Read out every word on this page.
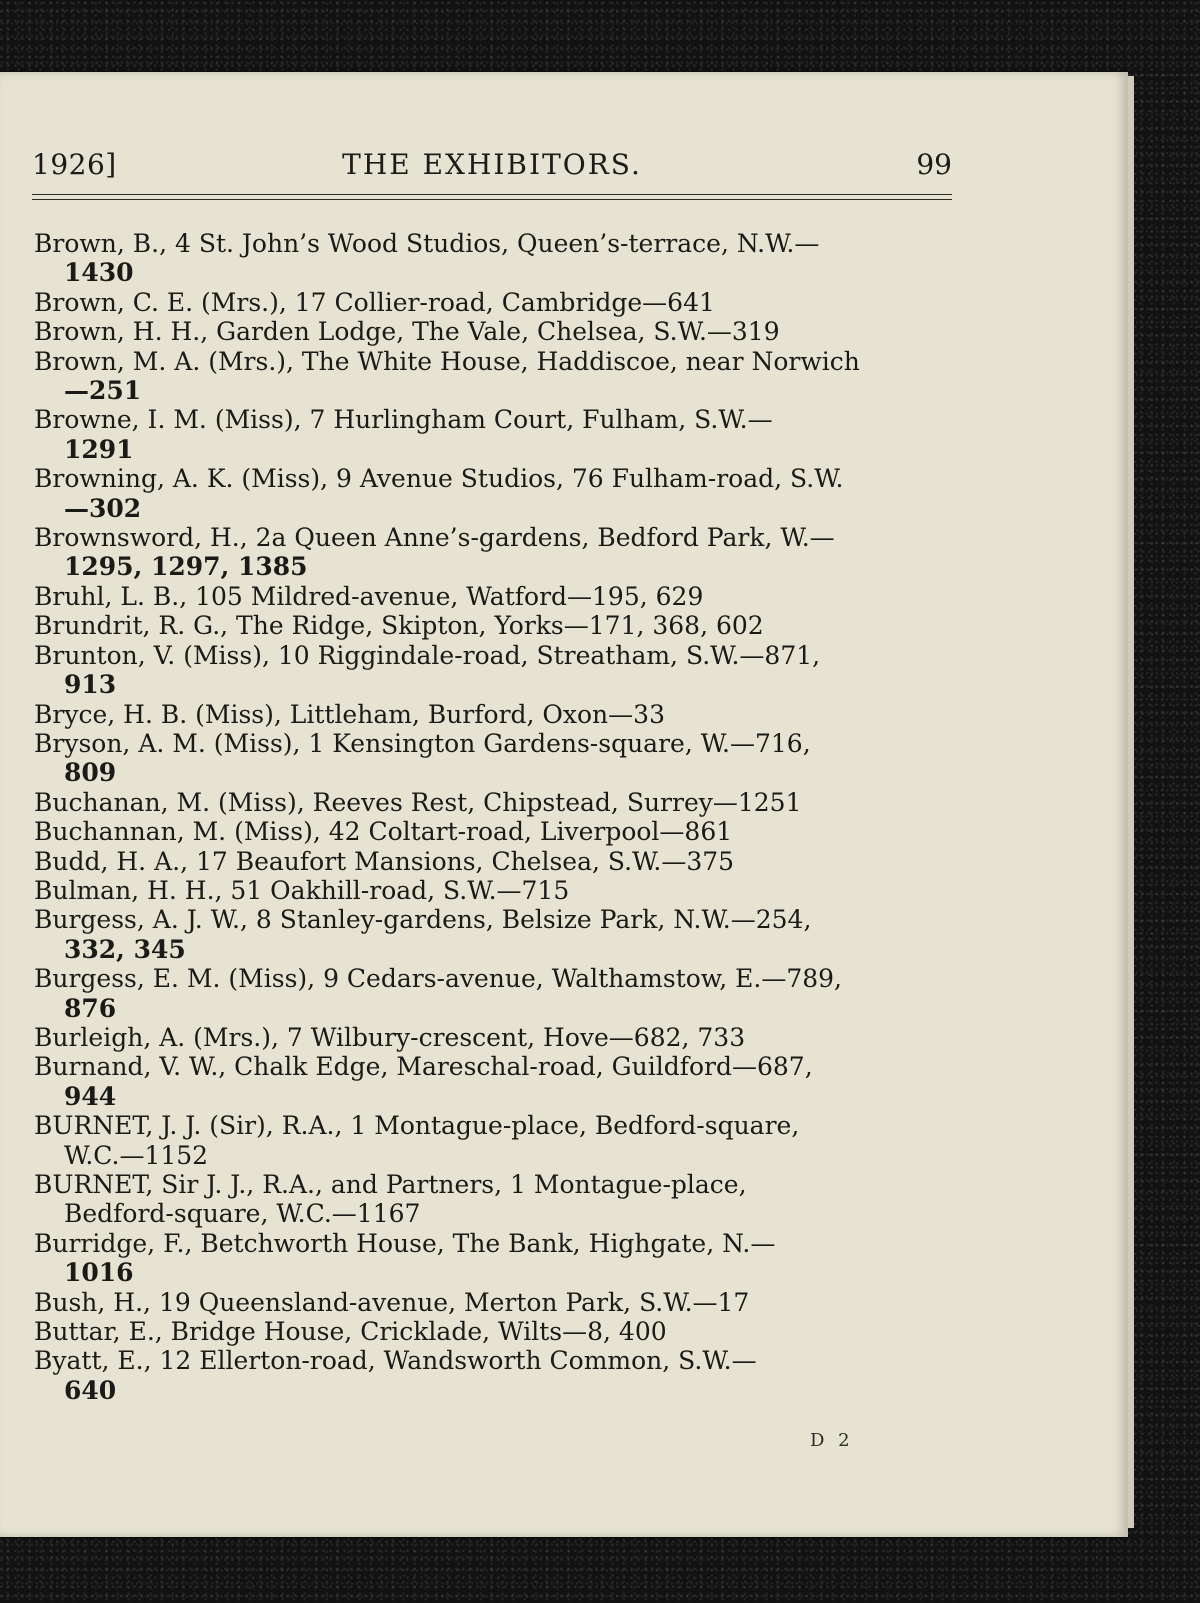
1926]	THE EXHIBITORS.	99
Brown, B., 4 St. John’s Wood Studios, Queen’s-terrace, N.W.—
1430
Brown, C. E. (Mrs.), 17 Collier-road, Cambridge—641
Brown, H. H., Garden Lodge, The Vale, Chelsea, S.W.—319
Brown, M. A. (Mrs.), The White House, Haddiscoe, near Norwich
—251
Browne, I. M. (Miss), 7 Hurlingham Court, Fulham, S.W.—
1291
Browning, A. K. (Miss), 9 Avenue Studios, 76 Fulham-road, S.W.
—302
Brownsword, H., 2a Queen Anne’s-gardens, Bedford Park, W.—
1295, 1297, 1385
Bruhl, L. B., 105 Mildred-avenue, Watford—195, 629
Brundrit, R. G., The Ridge, Skipton, Yorks—171, 368, 602
Brunton, V. (Miss), 10 Riggindale-road, Streatham, S.W.—871,
913
Bryce, H. B. (Miss), Littleham, Burford, Oxon—33
Bryson, A. M. (Miss), 1 Kensington Gardens-square, W.—716,
809
Buchanan, M. (Miss), Reeves Rest, Chipstead, Surrey—1251
Buchannan, M. (Miss), 42 Coltart-road, Liverpool—861
Budd, H. A., 17 Beaufort Mansions, Chelsea, S.W.—375
Bulman, H. H., 51 Oakhill-road, S.W.—715
Burgess, A. J. W., 8 Stanley-gardens, Belsize Park, N.W.—254,
332, 345
Burgess, E. M. (Miss), 9 Cedars-avenue, Walthamstow, E.—789,
876
Burleigh, A. (Mrs.), 7 Wilbury-crescent, Hove—682, 733
Burnand, V. W., Chalk Edge, Mareschal-road, Guildford—687,
944
BURNET, J. J. (Sir), R.A., 1 Montague-place, Bedford-square,
W.C.—1152
BURNET, Sir J. J., R.A., and Partners, 1 Montague-place,
Bedford-square, W.C.—1167
Burridge, F., Betchworth House, The Bank, Highgate, N.—
1016
Bush, H., 19 Queensland-avenue, Merton Park, S.W.—17
Buttar, E., Bridge House, Cricklade, Wilts—8, 400
Byatt, E., 12 Ellerton-road, Wandsworth Common, S.W.—
640
D 2
